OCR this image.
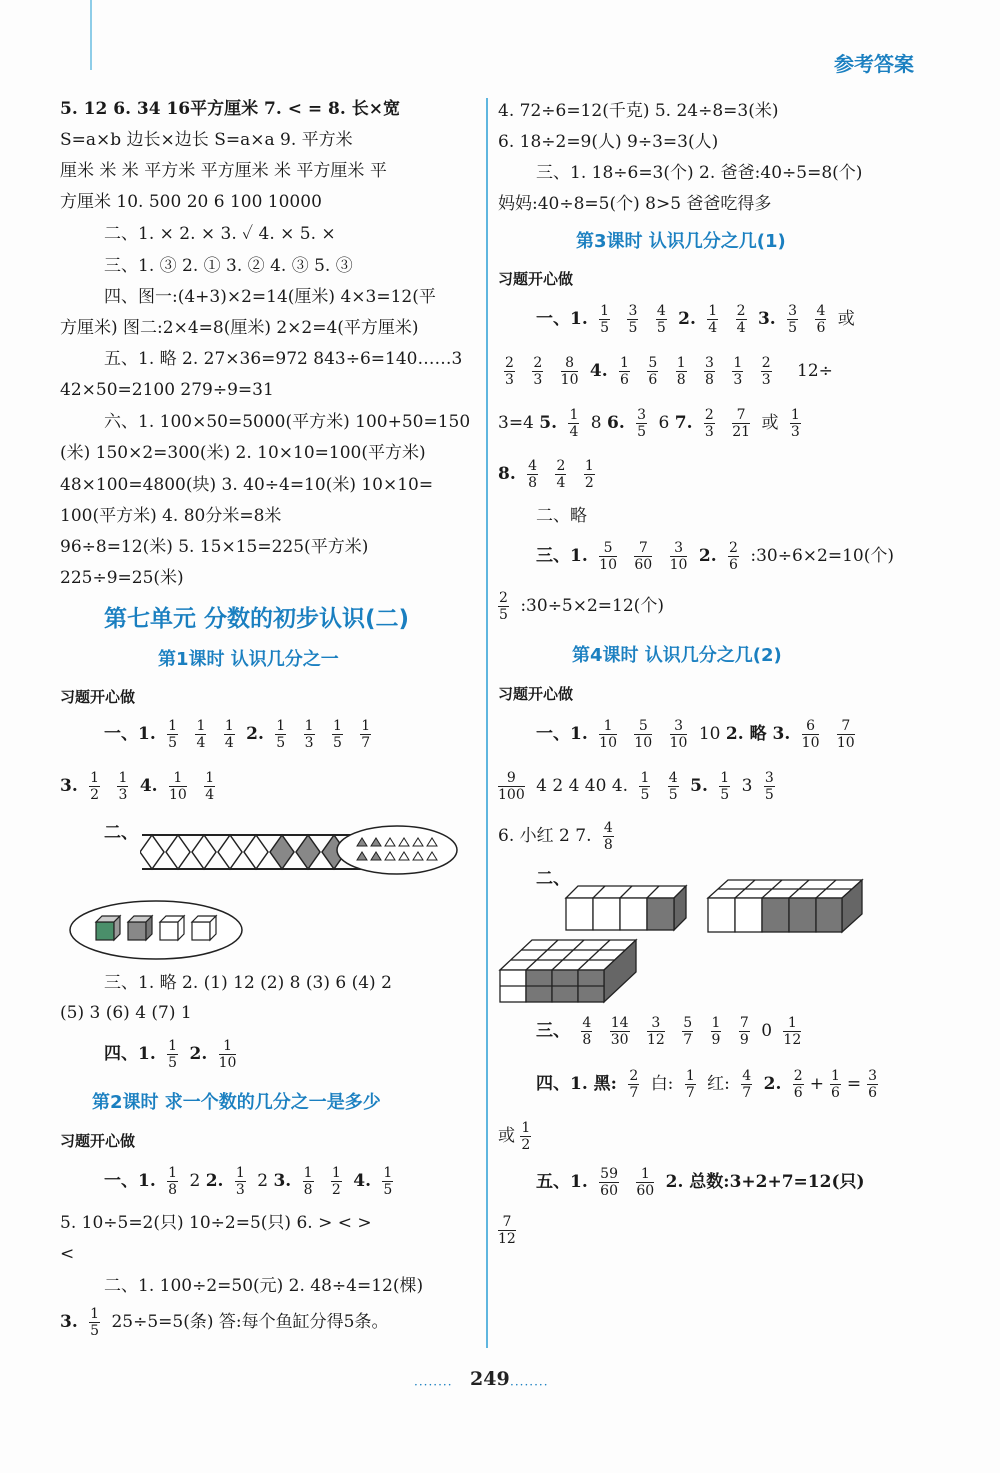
参考答案
5. 12 6. 34 16平方厘米 7. < = 8. 长×宽
S=a×b 边长×边长 S=a×a 9. 平方米
厘米 米 米 平方米 平方厘米 米 平方厘米 平
方厘米 10. 500 20 6 100 10000
二、1. × 2. × 3. ✓ 4. × 5. ×
三、1. ③ 2. ① 3. ② 4. ③ 5. ③
四、图一:(4+3)×2=14(厘米) 4×3=12(平
方厘米) 图二:2×4=8(厘米) 2×2=4(平方厘米)
五、1. 略 2. 27×36=972 843÷6=140……3
42×50=2100 279÷9=31
六、1. 100×50=5000(平方米) 100+50=150
(米) 150×2=300(米) 2. 10×10=100(平方米)
48×100=4800(块) 3. 40÷4=10(米) 10×10=
100(平方米) 4. 80分米=8米
96÷8=12(米) 5. 15×15=225(平方米)
225÷9=25(米)
第七单元 分数的初步认识(二)
第1课时 认识几分之一
习题开心做
一、1. $\frac{1}{5}$
$\frac{1}{4}$
$\frac{1}{4} 2$. $\frac{1}{5}$
$\frac{1}{3}$
$\frac{1}{5}$
$\frac{1}{7}$
3. $\frac{1}{2}$
$\frac{1}{3} 4$. $\frac{1}{10}$
$\frac{1}{4}$
二、
三、1. 略 2. (1) 12 (2) 8 (3) 6 (4) 2
(5) 3 (6) 4 (7) 1
四、1. $\frac{1}{5} 2$. $\frac{1}{10}$
第2课时 求一个数的几分之一是多少
习题开心做
一、1. $\frac{1}{8} 2$ 2. $\frac{1}{3} 2$ 3. $\frac{1}{8}$
$\frac{1}{2} 4$. $\frac{1}{5}$
5. 10÷5=2(只) 10÷2=5(只) 6. > < >
<
二、1. 100÷2=50(元) 2. 48÷4=12(棵)
3. $\frac{1}{5} 25\div 5=5$(条) 答:每个鱼缸分得5条。
4. 72÷6=12(千克) 5. 24÷8=3(米)
6. 18÷2=9(人) 9÷3=3(人)
三、1. 18÷6=3(个) 2. 爸爸:40÷5=8(个)
妈妈:40÷8=5(个) 8>5 爸爸吃得多
第3课时 认识几分之几(1)
习题开心做
一、1. $\frac{1}{5}$
$\frac{3}{5}$
$\frac{4}{5} 2$. $\frac{1}{4}$
$\frac{2}{4} 3$. $\frac{3}{5}$
$\frac{4}{6}$ 或
$\frac{2}{3}$
$\frac{2}{3}$
$\frac{8}{10} 4$. $\frac{1}{6}$
$\frac{5}{6}$
$\frac{1}{8}$
$\frac{3}{8}$
$\frac{1}{3}$
$\frac{2}{3} 12\div$
3=4 5. $\frac{1}{4} 8$ 6. $\frac{3}{5} 6$ 7. $\frac{2}{3}$
$\frac{7}{21}$ 或 $\frac{1}{3}$
8. $\frac{4}{8}$
$\frac{2}{4}$
$\frac{1}{2}$
二、略
三、1. $\frac{5}{10}$
$\frac{7}{60}$
$\frac{3}{10} 2$. $\frac{2}{6}$ :30÷6×2=10(个)
$\frac{2}{5}$ :30÷5×2=12(个)
第4课时 认识几分之几(2)
习题开心做
一、1. $\frac{1}{10}$
$\frac{5}{10}$
$\frac{3}{10} 10$ 2. 略 3. $\frac{6}{10}$
$\frac{7}{10}$
$\frac{9}{100} 4$ 2 4 40 4. $\frac{1}{5}$
$\frac{4}{5} 5$. $\frac{1}{5} 3 \frac{3}{5}$
6. 小红 2 7. $\frac{4}{8}$
二、
三、 $\frac{4}{8}$
$\frac{14}{30}$
$\frac{3}{12}$
$\frac{5}{7}$
$\frac{1}{9}$
$\frac{7}{9} 0 \frac{1}{12}$
四、1. 黑: $\frac{2}{7}$ 白: $\frac{1}{7}$ 红: $\frac{4}{7} 2$. $\frac{2}{6} + \frac{1}{6} = \frac{3}{6}$
或 $\frac{1}{2}$
五、1. $\frac{59}{60}$
$\frac{1}{60} 2$. 总数:3+2+7=12(只)
$\frac{7}{12}$
········ 249 ········
